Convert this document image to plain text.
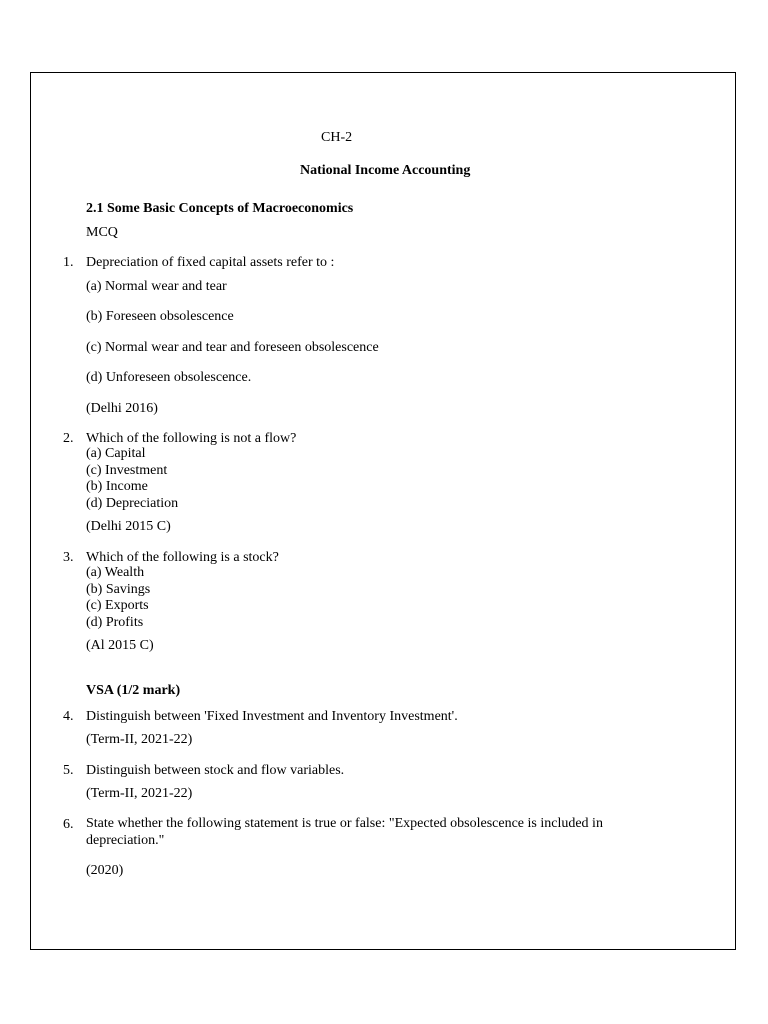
CH-2
National Income Accounting
2.1 Some Basic Concepts of Macroeconomics
MCQ
1. Depreciation of fixed capital assets refer to :
(a) Normal wear and tear
(b) Foreseen obsolescence
(c) Normal wear and tear and foreseen obsolescence
(d) Unforeseen obsolescence.
(Delhi 2016)
2. Which of the following is not a flow?
(a) Capital
(c) Investment
(b) Income
(d) Depreciation
(Delhi 2015 C)
3. Which of the following is a stock?
(a) Wealth
(b) Savings
(c) Exports
(d) Profits
(Al 2015 C)
VSA (1/2 mark)
4. Distinguish between 'Fixed Investment and Inventory Investment'.
(Term-II, 2021-22)
5. Distinguish between stock and flow variables.
(Term-II, 2021-22)
6. State whether the following statement is true or false: "Expected obsolescence is included in depreciation."
(2020)
